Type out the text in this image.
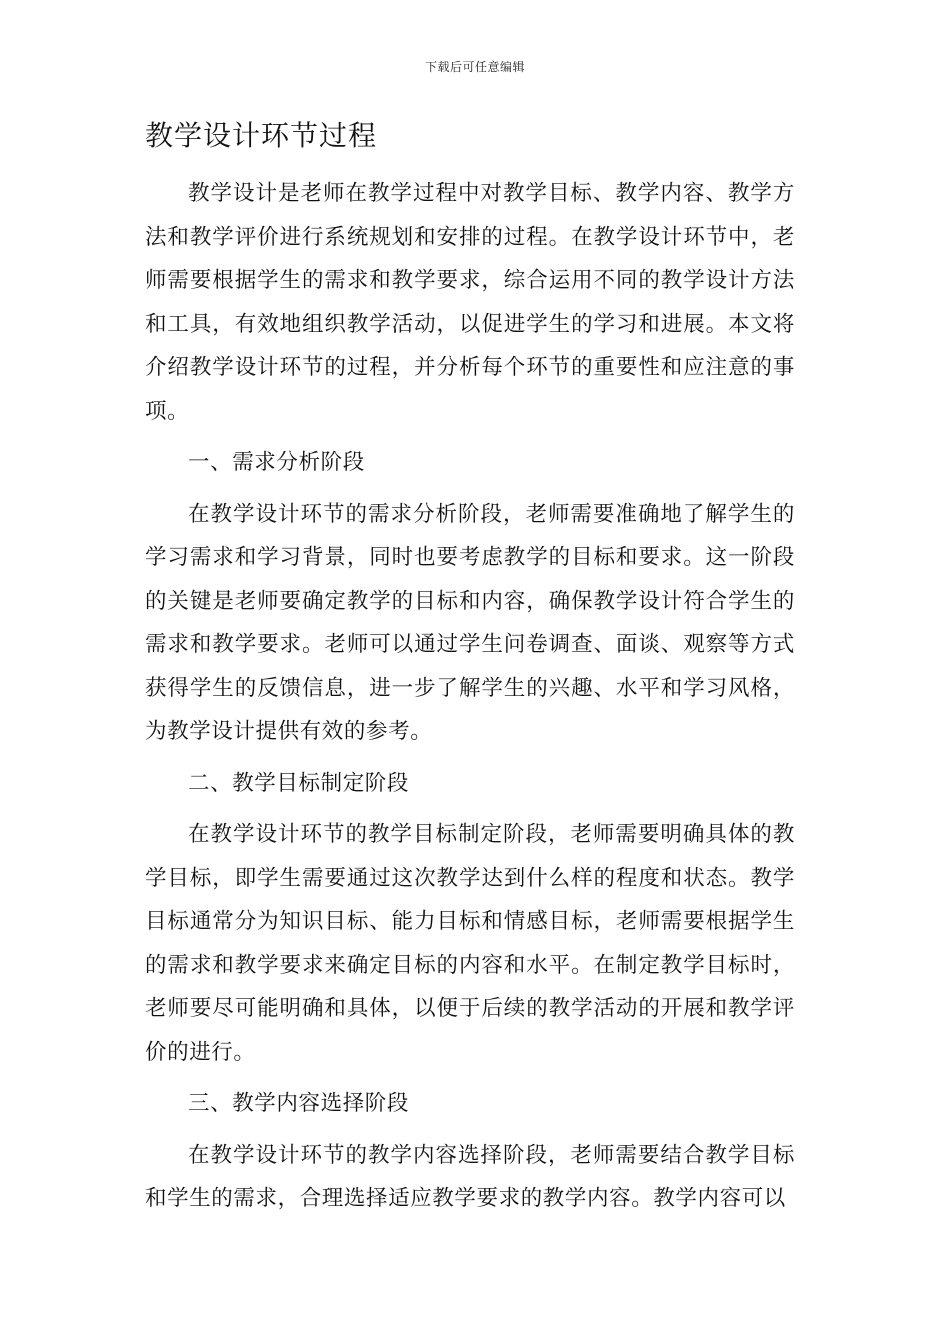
下载后可任意编辑
教学设计环节过程

教学设计是老师在教学过程中对教学目标、教学内容、教学方法和教学评价进行系统规划和安排的过程。在教学设计环节中，老师需要根据学生的需求和教学要求，综合运用不同的教学设计方法和工具，有效地组织教学活动，以促进学生的学习和进展。本文将介绍教学设计环节的过程，并分析每个环节的重要性和应注意的事项。

一、需求分析阶段

在教学设计环节的需求分析阶段，老师需要准确地了解学生的学习需求和学习背景，同时也要考虑教学的目标和要求。这一阶段的关键是老师要确定教学的目标和内容，确保教学设计符合学生的需求和教学要求。老师可以通过学生问卷调查、面谈、观察等方式获得学生的反馈信息，进一步了解学生的兴趣、水平和学习风格，为教学设计提供有效的参考。

二、教学目标制定阶段

在教学设计环节的教学目标制定阶段，老师需要明确具体的教学目标，即学生需要通过这次教学达到什么样的程度和状态。教学目标通常分为知识目标、能力目标和情感目标，老师需要根据学生的需求和教学要求来确定目标的内容和水平。在制定教学目标时，老师要尽可能明确和具体，以便于后续的教学活动的开展和教学评价的进行。

三、教学内容选择阶段

在教学设计环节的教学内容选择阶段，老师需要结合教学目标和学生的需求，合理选择适应教学要求的教学内容。教学内容可以
